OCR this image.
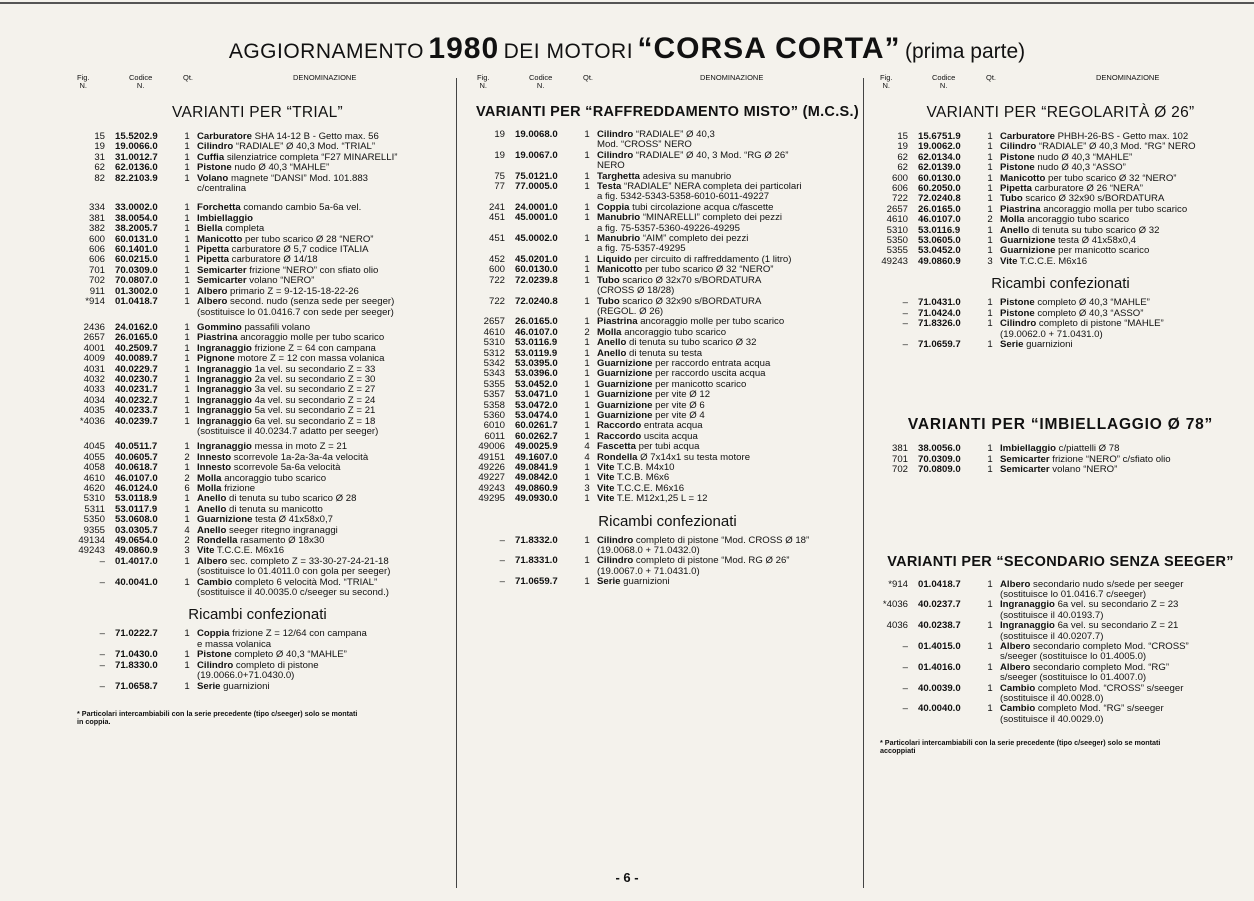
AGGIORNAMENTO 1980 DEI MOTORI “CORSA CORTA” (prima parte)
Fig.
N.
Codice
N.
Qt.	DENOMINAZIONE
VARIANTI PER “TRIAL”
15	15.5202.9	1 Carburatore SHA 14-12 B - Getto max. 56
19	19.0066.0	1 Cilindro “RADIALE” Ø 40,3 Mod. “TRIAL”
31	31.0012.7	1 Cuffia silenziatrice completa “F27 MINARELLI”
62	62.0136.0	1 Pistone nudo Ø 40,3 “MAHLE”
82	82.2103.9	1 Volano magnete “DANSI” Mod. 101.883
c/centralina
334	33.0002.0	1 Forchetta comando cambio 5a-6a vel.
381	38.0054.0	1 Imbiellaggio
382	38.2005.7	1 Biella completa
600	60.0131.0	1 Manicotto per tubo scarico Ø 28 “NERO”
606	60.1401.0	1 Pipetta carburatore Ø 5,7 codice ITALIA
606	60.0215.0	1 Pipetta carburatore Ø 14/18
701	70.0309.0	1 Semicarter frizione “NERO” con sfiato olio
702	70.0807.0	1 Semicarter volano “NERO”
911	01.3002.0	1 Albero primario Z = 9-12-15-18-22-26
*914	01.0418.7	1 Albero second. nudo (senza sede per seeger)
(sostituisce lo 01.0416.7 con sede per seeger)
2436	24.0162.0	1 Gommino passafili volano
2657	26.0165.0	1 Piastrina ancoraggio molle per tubo scarico
4001	40.2509.7	1 Ingranaggio frizione Z = 64 con campana
4009	40.0089.7	1 Pignone motore Z = 12 con massa volanica
4031	40.0229.7	1 Ingranaggio 1a vel. su secondario Z = 33
4032	40.0230.7	1 Ingranaggio 2a vel. su secondario Z = 30
4033	40.0231.7	1 Ingranaggio 3a vel. su secondario Z = 27
4034	40.0232.7	1 Ingranaggio 4a vel. su secondario Z = 24
4035	40.0233.7	1 Ingranaggio 5a vel. su secondario Z = 21
*4036	40.0239.7	1 Ingranaggio 6a vel. su secondario Z = 18
(sostituisce il 40.0234.7 adatto per seeger)
4045	40.0511.7	1 Ingranaggio messa in moto Z = 21
4055	40.0605.7	2 Innesto scorrevole 1a-2a-3a-4a velocità
4058	40.0618.7	1 Innesto scorrevole 5a-6a velocità
4610	46.0107.0	2 Molla ancoraggio tubo scarico
4620	46.0124.0	6 Molla frizione
5310	53.0118.9	1 Anello di tenuta su tubo scarico Ø 28
5311	53.0117.9	1 Anello di tenuta su manicotto
5350	53.0608.0	1 Guarnizione testa Ø 41x58x0,7
9355	03.0305.7	4 Anello seeger ritegno ingranaggi
49134	49.0654.0	2 Rondella rasamento Ø 18x30
49243	49.0860.9	3 Vite T.C.C.E. M6x16
–	01.4017.0	1 Albero sec. completo Z = 33-30-27-24-21-18
(sostituisce lo 01.4011.0 con gola per seeger)
–	40.0041.0	1 Cambio completo 6 velocità Mod. “TRIAL”
(sostituisce il 40.0035.0 c/seeger su second.)
Ricambi confezionati
–	71.0222.7	1 Coppia frizione Z = 12/64 con campana
e massa volanica
–	71.0430.0	1 Pistone completo Ø 40,3 “MAHLE”
–	71.8330.0	1 Cilindro completo di pistone
(19.0066.0+71.0430.0)
–	71.0658.7	1 Serie guarnizioni
* Particolari intercambiabili con la serie precedente (tipo c/seeger) solo se montati
in coppia.
Fig.
N.
Codice
N.
Qt.	DENOMINAZIONE
VARIANTI PER “RAFFREDDAMENTO MISTO” (M.C.S.)
19	19.0068.0	1 Cilindro “RADIALE” Ø 40,3
Mod. “CROSS” NERO
19	19.0067.0	1 Cilindro “RADIALE” Ø 40, 3 Mod. “RG Ø 26”
NERO
75	75.0121.0	1 Targhetta adesiva su manubrio
77	77.0005.0	1 Testa “RADIALE” NERA completa dei particolari
a fig. 5342-5343-5358-6010-6011-49227
241	24.0001.0	1 Coppia tubi circolazione acqua c/fascette
451	45.0001.0	1 Manubrio “MINARELLI” completo dei pezzi
a fig. 75-5357-5360-49226-49295
451	45.0002.0	1 Manubrio “AIM” completo dei pezzi
a fig. 75-5357-49295
452	45.0201.0	1 Liquido per circuito di raffreddamento (1 litro)
600	60.0130.0	1 Manicotto per tubo scarico Ø 32 “NERO”
722	72.0239.8	1 Tubo scarico Ø 32x70 s/BORDATURA
(CROSS Ø 18/28)
722	72.0240.8	1 Tubo scarico Ø 32x90 s/BORDATURA
(REGOL. Ø 26)
2657	26.0165.0	1 Piastrina ancoraggio molle per tubo scarico
4610	46.0107.0	2 Molla ancoraggio tubo scarico
5310	53.0116.9	1 Anello di tenuta su tubo scarico Ø 32
5312	53.0119.9	1 Anello di tenuta su testa
5342	53.0395.0	1 Guarnizione per raccordo entrata acqua
5343	53.0396.0	1 Guarnizione per raccordo uscita acqua
5355	53.0452.0	1 Guarnizione per manicotto scarico
5357	53.0471.0	1 Guarnizione per vite Ø 12
5358	53.0472.0	1 Guarnizione per vite Ø 6
5360	53.0474.0	1 Guarnizione per vite Ø 4
6010	60.0261.7	1 Raccordo entrata acqua
6011	60.0262.7	1 Raccordo uscita acqua
49006	49.0025.9	4 Fascetta per tubi acqua
49151	49.1607.0	4 Rondella Ø 7x14x1 su testa motore
49226	49.0841.9	1 Vite T.C.B. M4x10
49227	49.0842.0	1 Vite T.C.B. M6x6
49243	49.0860.9	3 Vite T.C.C.E. M6x16
49295	49.0930.0	1 Vite T.E. M12x1,25 L = 12
Ricambi confezionati
–	71.8332.0	1 Cilindro completo di pistone “Mod. CROSS Ø 18”
(19.0068.0 + 71.0432.0)
–	71.8331.0	1 Cilindro completo di pistone “Mod. RG Ø 26”
(19.0067.0 + 71.0431.0)
–	71.0659.7	1 Serie guarnizioni
Fig.
N.
Codice
N.
Qt.	DENOMINAZIONE
VARIANTI PER “REGOLARITÀ Ø 26”
15	15.6751.9	1 Carburatore PHBH-26-BS - Getto max. 102
19	19.0062.0	1 Cilindro “RADIALE” Ø 40,3 Mod. “RG” NERO
62	62.0134.0	1 Pistone nudo Ø 40,3 “MAHLE”
62	62.0139.0	1 Pistone nudo Ø 40,3 “ASSO”
600	60.0130.0	1 Manicotto per tubo scarico Ø 32 “NERO”
606	60.2050.0	1 Pipetta carburatore Ø 26 “NERA”
722	72.0240.8	1 Tubo scarico Ø 32x90 s/BORDATURA
2657	26.0165.0	1 Piastrina ancoraggio molla per tubo scarico
4610	46.0107.0	2 Molla ancoraggio tubo scarico
5310	53.0116.9	1 Anello di tenuta su tubo scarico Ø 32
5350	53.0605.0	1 Guarnizione testa Ø 41x58x0,4
5355	53.0452.0	1 Guarnizione per manicotto scarico
49243	49.0860.9	3 Vite T.C.C.E. M6x16
Ricambi confezionati
–	71.0431.0	1 Pistone completo Ø 40,3 “MAHLE”
–	71.0424.0	1 Pistone completo Ø 40,3 “ASSO”
–	71.8326.0	1 Cilindro completo di pistone “MAHLE”
(19.0062.0 + 71.0431.0)
–	71.0659.7	1 Serie guarnizioni
VARIANTI PER “IMBIELLAGGIO Ø 78”
381	38.0056.0	1 Imbiellaggio c/piattelli Ø 78
701	70.0309.0	1 Semicarter frizione “NERO” c/sfiato olio
702	70.0809.0	1 Semicarter volano “NERO”
VARIANTI PER “SECONDARIO SENZA SEEGER”
*914	01.0418.7	1 Albero secondario nudo s/sede per seeger
(sostituisce lo 01.0416.7 c/seeger)
*4036	40.0237.7	1 Ingranaggio 6a vel. su secondario Z = 23
(sostituisce il 40.0193.7)
4036	40.0238.7	1 Ingranaggio 6a vel. su secondario Z = 21
(sostituisce il 40.0207.7)
–	01.4015.0	1 Albero secondario completo Mod. “CROSS”
s/seeger (sostituisce lo 01.4005.0)
–	01.4016.0	1 Albero secondario completo Mod. “RG”
s/seeger (sostituisce lo 01.4007.0)
–	40.0039.0	1 Cambio completo Mod. “CROSS” s/seeger
(sostituisce il 40.0028.0)
–	40.0040.0	1 Cambio completo Mod. “RG” s/seeger
(sostituisce il 40.0029.0)
* Particolari intercambiabili con la serie precedente (tipo c/seeger) solo se montati
accoppiati
- 6 -
